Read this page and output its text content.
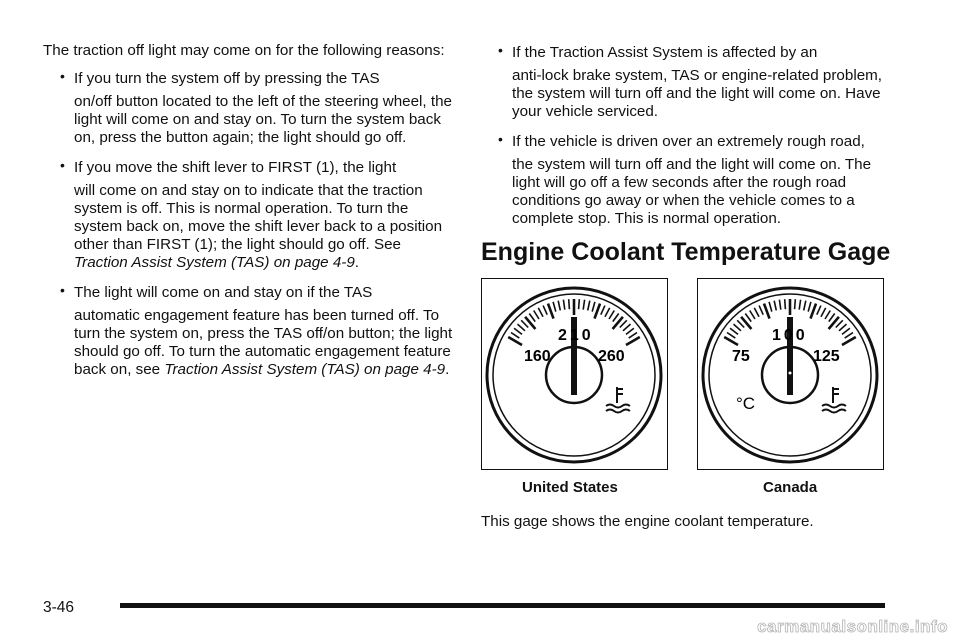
The traction off light may come on for the following reasons:

• If you turn the system off by pressing the TAS
on/off button located to the left of the steering wheel, the light will come on and stay on. To turn the system back on, press the button again; the light should go off.
• If you move the shift lever to FIRST (1), the light
will come on and stay on to indicate that the traction system is off. This is normal operation. To turn the system back on, move the shift lever back to a position other than FIRST (1); the light should go off. See Traction Assist System (TAS) on page 4-9.
• The light will come on and stay on if the TAS
automatic engagement feature has been turned off. To turn the system on, press the TAS off/on button; the light should go off. To turn the automatic engagement feature back on, see Traction Assist System (TAS) on page 4-9.
• If the Traction Assist System is affected by an
anti-lock brake system, TAS or engine-related problem, the system will turn off and the light will come on. Have your vehicle serviced.
• If the vehicle is driven over an extremely rough road,
the system will turn off and the light will come on. The light will go off a few seconds after the rough road conditions go away or when the vehicle comes to a complete stop. This is normal operation.
Engine Coolant Temperature Gage
160
210
260	75
100
125
°C
United States	Canada

This gage shows the engine coolant temperature.

3-46
carmanualsonline.info
